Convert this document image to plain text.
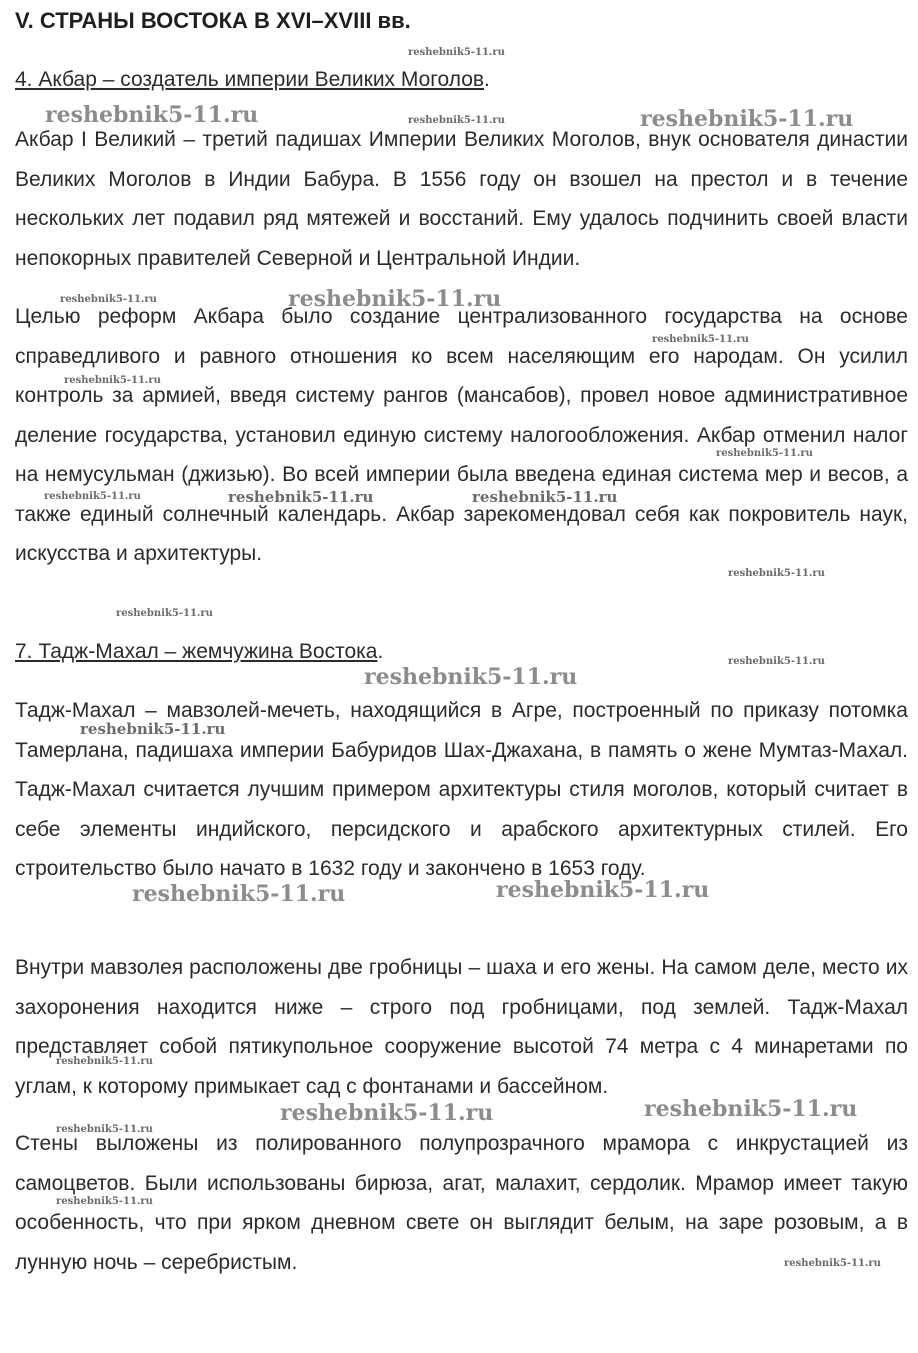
V. СТРАНЫ ВОСТОКА В XVI–XVIII вв.
4. Акбар – создатель империи Великих Моголов.

Акбар I Великий – третий падишах Империи Великих Моголов, внук основателя династии Великих Моголов в Индии Бабура. В 1556 году он взошел на престол и в течение нескольких лет подавил ряд мятежей и восстаний. Ему удалось подчинить своей власти непокорных правителей Северной и Центральной Индии.

Целью реформ Акбара было создание централизованного государства на основе справедливого и равного отношения ко всем населяющим его народам. Он усилил контроль за армией, введя систему рангов (мансабов), провел новое административное деление государства, установил единую систему налогообложения. Акбар отменил налог на немусульман (джизью). Во всей империи была введена единая система мер и весов, а также единый солнечный календарь. Акбар зарекомендовал себя как покровитель наук, искусства и архитектуры.

7. Тадж-Махал – жемчужина Востока.

Тадж-Махал – мавзолей-мечеть, находящийся в Агре, построенный по приказу потомка Тамерлана, падишаха империи Бабуридов Шах-Джахана, в память о жене Мумтаз-Махал. Тадж-Махал считается лучшим примером архитектуры стиля моголов, который считает в себе элементы индийского, персидского и арабского архитектурных стилей. Его строительство было начато в 1632 году и закончено в 1653 году.

Внутри мавзолея расположены две гробницы – шаха и его жены. На самом деле, место их захоронения находится ниже – строго под гробницами, под землей. Тадж-Махал представляет собой пятикупольное сооружение высотой 74 метра с 4 минаретами по углам, к которому примыкает сад с фонтанами и бассейном.

Стены выложены из полированного полупрозрачного мрамора с инкрустацией из самоцветов. Были использованы бирюза, агат, малахит, сердолик. Мрамор имеет такую особенность, что при ярком дневном свете он выглядит белым, на заре розовым, а в лунную ночь – серебристым.

reshebnik5-11.ru
reshebnik5-11.ru	reshebnik5-11.ru	reshebnik5-11.ru
reshebnik5-11.ru	reshebnik5-11.ru
reshebnik5-11.ru
reshebnik5-11.ru
reshebnik5-11.ru
reshebnik5-11.ru	reshebnik5-11.ru	reshebnik5-11.ru
reshebnik5-11.ru
reshebnik5-11.ru
reshebnik5-11.ru
reshebnik5-11.ru
reshebnik5-11.ru
reshebnik5-11.ru	reshebnik5-11.ru
reshebnik5-11.ru
reshebnik5-11.ru	reshebnik5-11.ru
reshebnik5-11.ru
reshebnik5-11.ru
reshebnik5-11.ru
